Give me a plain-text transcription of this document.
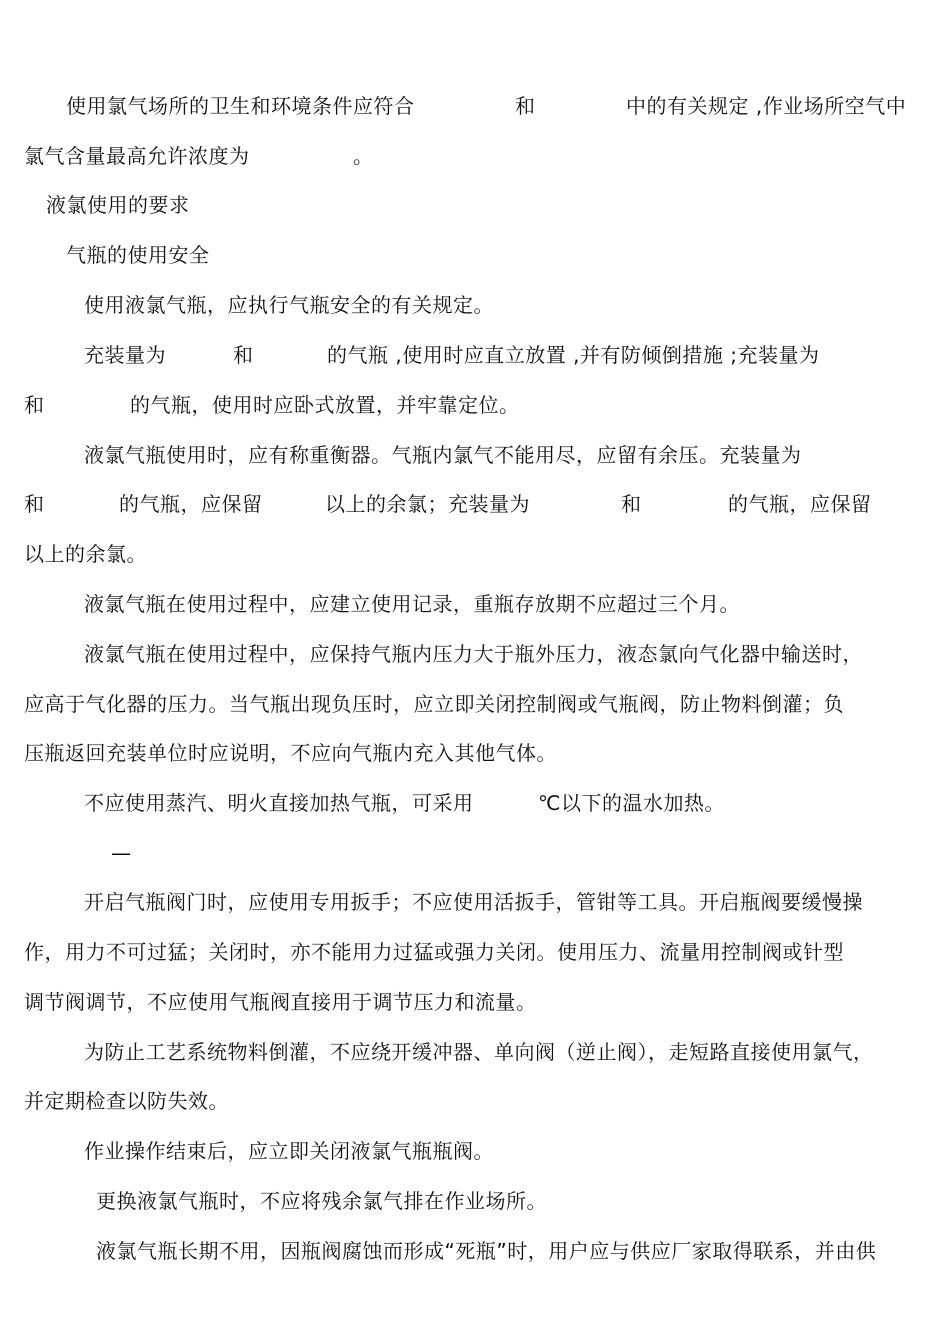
使用氯气场所的卫生和环境条件应符合	和	中的有关规定 ,作业场所空气中
氯气含量最高允许浓度为	。
液氯使用的要求
气瓶的使用安全
使用液氯气瓶，应执行气瓶安全的有关规定。
充装量为	和	的气瓶 ,使用时应直立放置 ,并有防倾倒措施 ;充装量为
和	的气瓶，使用时应卧式放置，并牢靠定位。
液氯气瓶使用时，应有称重衡器。气瓶内氯气不能用尽，应留有余压。充装量为
和	的气瓶，应保留	以上的余氯；充装量为	和	的气瓶，应保留
以上的余氯。
液氯气瓶在使用过程中，应建立使用记录，重瓶存放期不应超过三个月。
液氯气瓶在使用过程中，应保持气瓶内压力大于瓶外压力，液态氯向气化器中输送时，
应高于气化器的压力。当气瓶出现负压时，应立即关闭控制阀或气瓶阀，防止物料倒灌；负
压瓶返回充装单位时应说明，不应向气瓶内充入其他气体。
不应使用蒸汽、明火直接加热气瓶，可采用	℃以下的温水加热。
—
开启气瓶阀门时，应使用专用扳手；不应使用活扳手，管钳等工具。开启瓶阀要缓慢操
作，用力不可过猛；关闭时，亦不能用力过猛或强力关闭。使用压力、流量用控制阀或针型
调节阀调节，不应使用气瓶阀直接用于调节压力和流量。
为防止工艺系统物料倒灌，不应绕开缓冲器、单向阀（逆止阀），走短路直接使用氯气，
并定期检查以防失效。
作业操作结束后，应立即关闭液氯气瓶瓶阀。
更换液氯气瓶时，不应将残余氯气排在作业场所。
液氯气瓶长期不用，因瓶阀腐蚀而形成“死瓶”时，用户应与供应厂家取得联系，并由供
